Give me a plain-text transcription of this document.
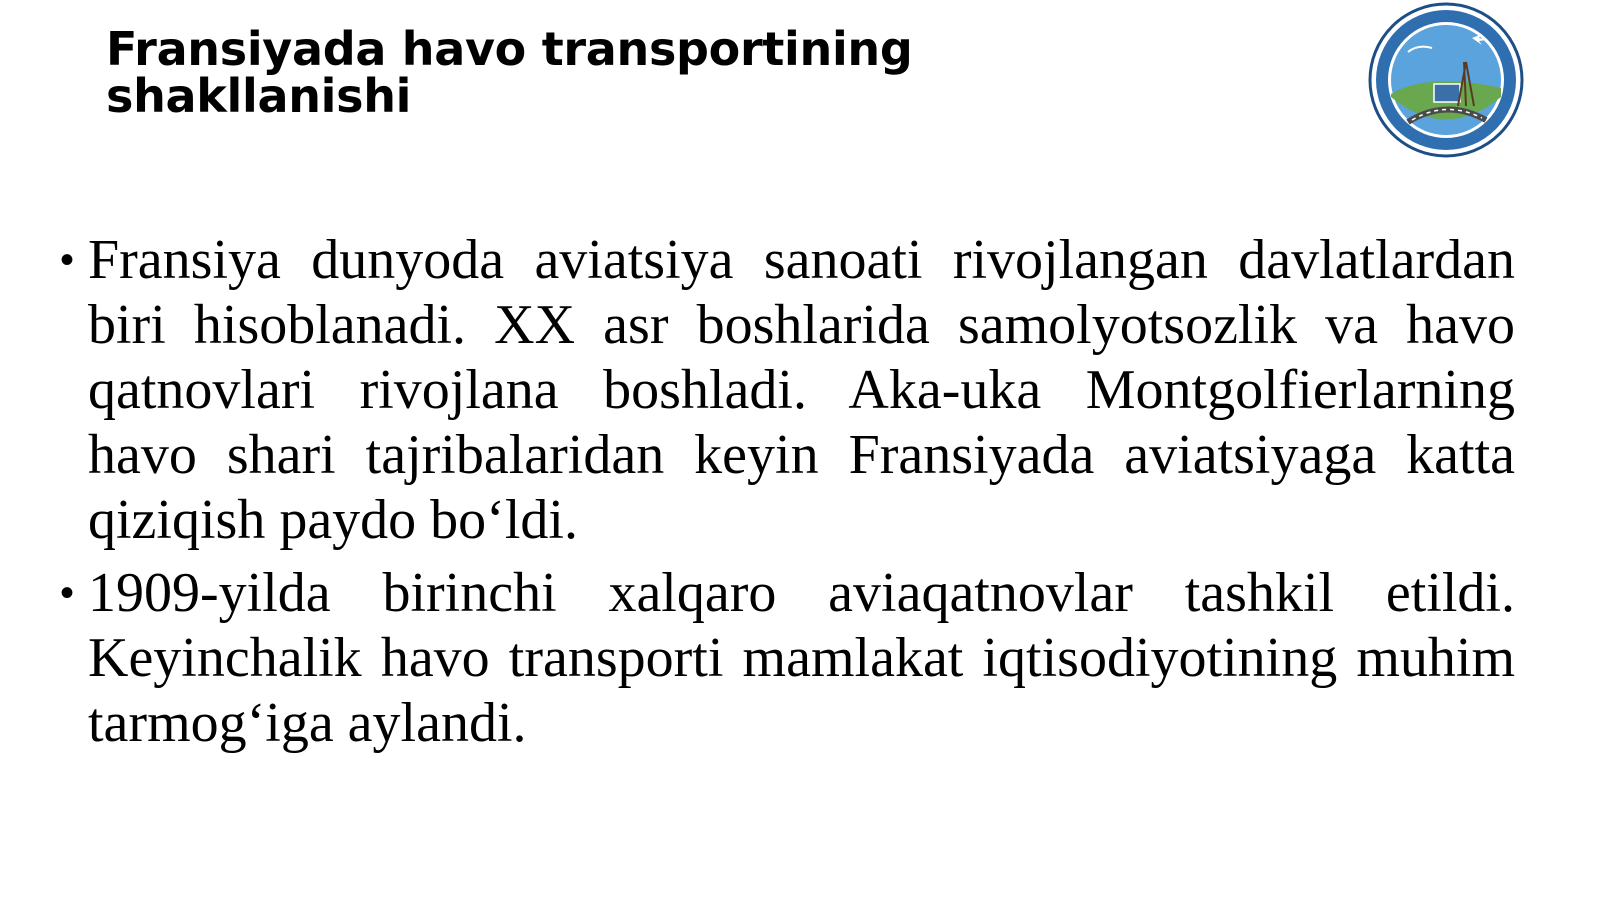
Fransiyada havo transportining
shakllanishi
• Fransiya dunyoda aviatsiya sanoati rivojlangan davlatlardan biri hisoblanadi. XX asr boshlarida samolyotsozlik va havo qatnovlari rivojlana boshladi. Aka-uka Montgolfierlarning havo shari tajribalaridan keyin Fransiyada aviatsiyaga katta qiziqish paydo bo‘ldi.
• 1909-yilda birinchi xalqaro aviaqatnovlar tashkil etildi. Keyinchalik havo transporti mamlakat iqtisodiyotining muhim tarmog‘iga aylandi.
